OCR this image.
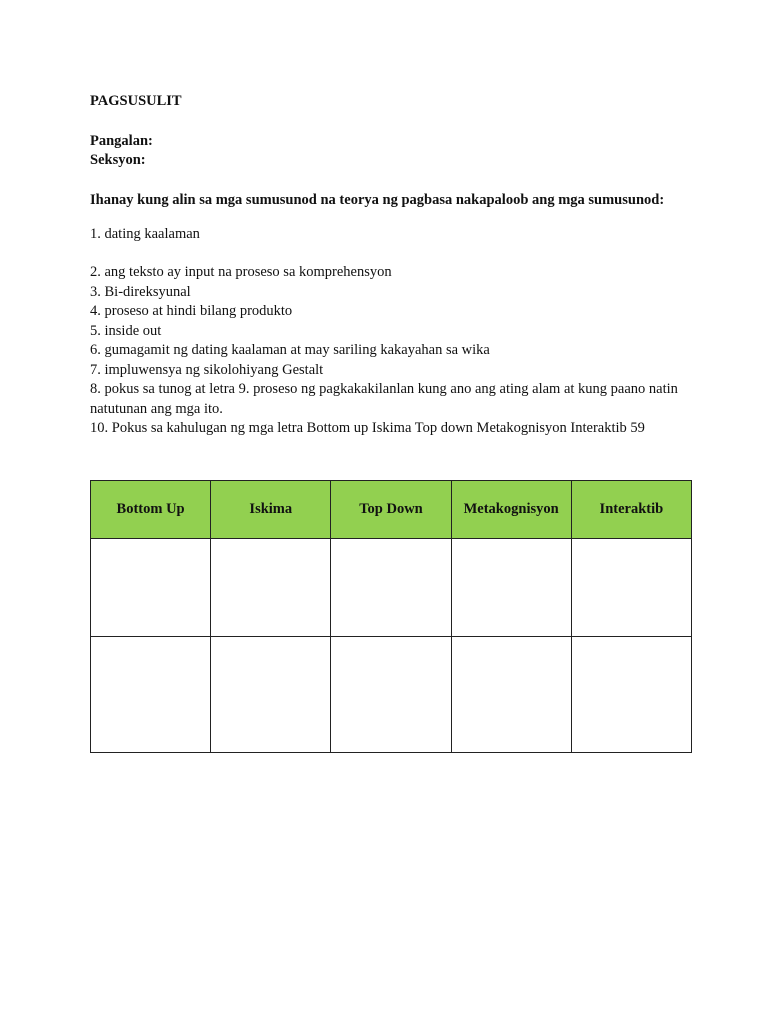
PAGSUSULIT

Pangalan:

Seksyon:

Ihanay kung alin sa mga sumusunod na teorya ng pagbasa nakapaloob ang mga sumusunod:

1. dating kaalaman

2. ang teksto ay input na proseso sa komprehensyon

3. Bi-direksyunal

4. proseso at hindi bilang produkto

5. inside out

6. gumagamit ng dating kaalaman at may sariling kakayahan sa wika

7. impluwensya ng sikolohiyang Gestalt

8. pokus sa tunog at letra 9. proseso ng pagkakakilanlan kung ano ang ating alam at kung paano natin natutunan ang mga ito.

10. Pokus sa kahulugan ng mga letra Bottom up Iskima Top down Metakognisyon Interaktib 59

Bottom Up	Iskima	Top Down	Metakognisyon	Interaktib
